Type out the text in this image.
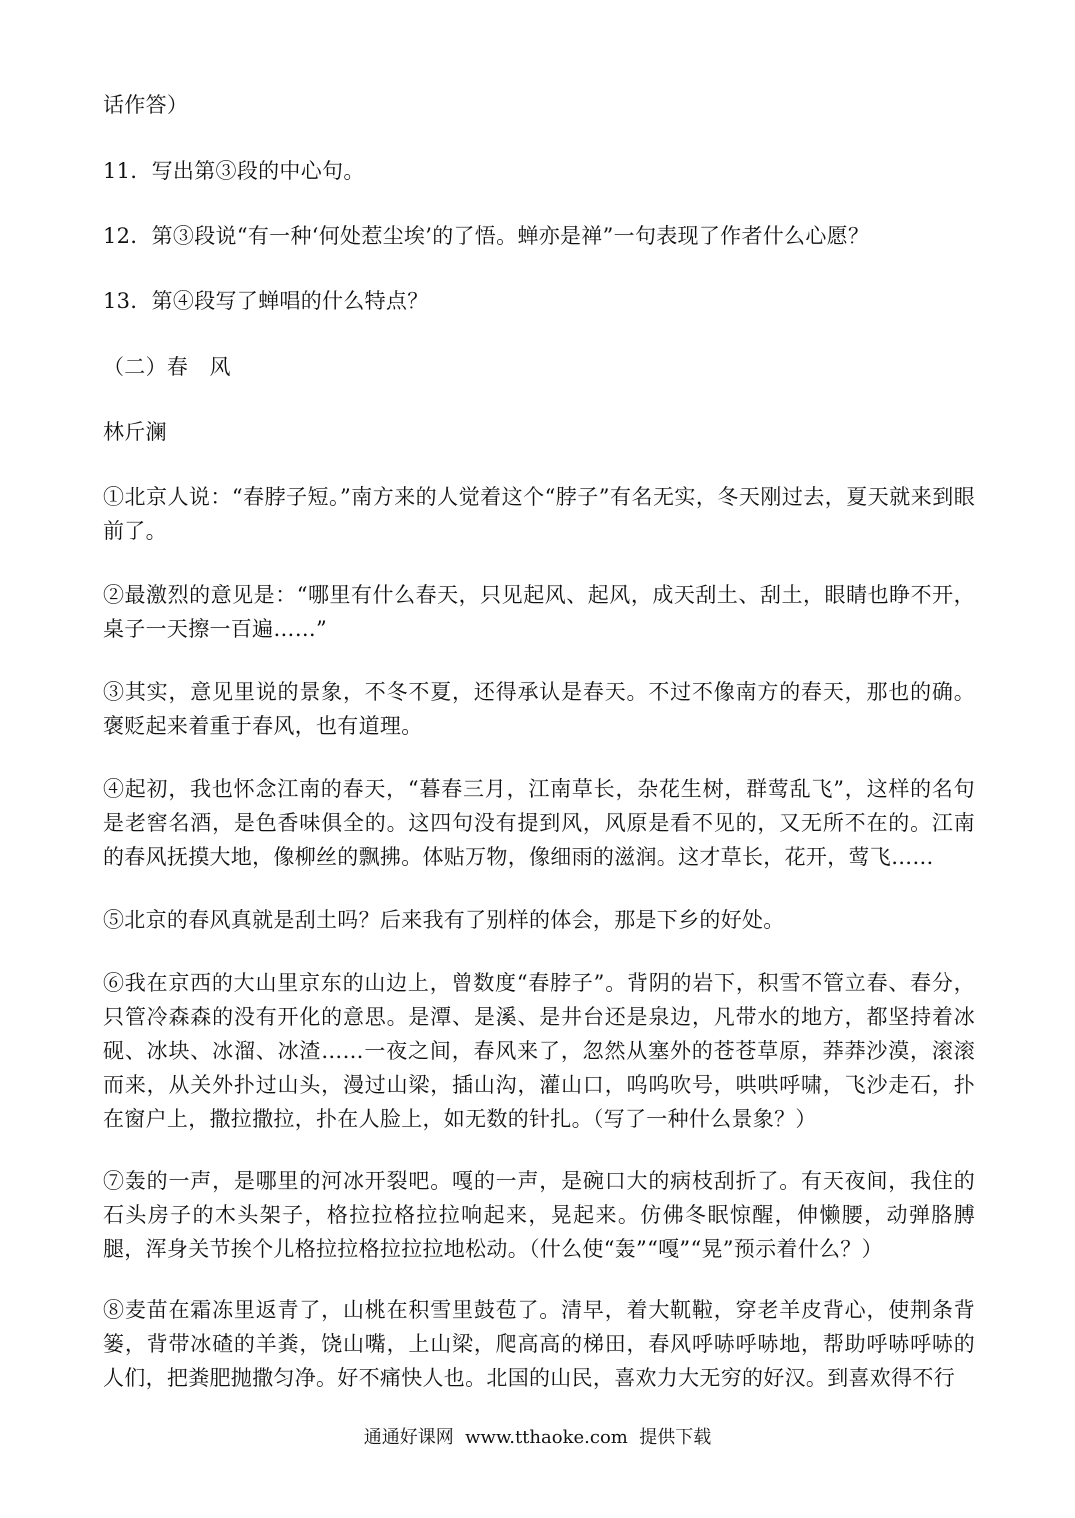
话作答）
11．写出第③段的中心句。
12．第③段说“有一种‘何处惹尘埃’的了悟。蝉亦是禅”一句表现了作者什么心愿？
13．第④段写了蝉唱的什么特点？
（二）春　风
林斤澜
①北京人说：“春脖子短。”南方来的人觉着这个“脖子”有名无实，冬天刚过去，夏天就来到眼前了。
②最激烈的意见是：“哪里有什么春天，只见起风、起风，成天刮土、刮土，眼睛也睁不开，桌子一天擦一百遍……”
③其实，意见里说的景象，不冬不夏，还得承认是春天。不过不像南方的春天，那也的确。褒贬起来着重于春风，也有道理。
④起初，我也怀念江南的春天，“暮春三月，江南草长，杂花生树，群莺乱飞”，这样的名句是老窖名酒，是色香味俱全的。这四句没有提到风，风原是看不见的，又无所不在的。江南的春风抚摸大地，像柳丝的飘拂。体贴万物，像细雨的滋润。这才草长，花开，莺飞……
⑤北京的春风真就是刮土吗？后来我有了别样的体会，那是下乡的好处。
⑥我在京西的大山里京东的山边上，曾数度“春脖子”。背阴的岩下，积雪不管立春、春分，只管冷森森的没有开化的意思。是潭、是溪、是井台还是泉边，凡带水的地方，都坚持着冰砚、冰块、冰溜、冰渣……一夜之间，春风来了，忽然从塞外的苍苍草原，莽莽沙漠，滚滚而来，从关外扑过山头，漫过山梁，插山沟，灌山口，呜呜吹号，哄哄呼啸，飞沙走石，扑在窗户上，撒拉撒拉，扑在人脸上，如无数的针扎。（写了一种什么景象？）
⑦轰的一声，是哪里的河冰开裂吧。嘎的一声，是碗口大的病枝刮折了。有天夜间，我住的石头房子的木头架子，格拉拉格拉拉响起来，晃起来。仿佛冬眠惊醒，伸懒腰，动弹胳膊腿，浑身关节挨个儿格拉拉格拉拉拉地松动。（什么使“轰”“嘎”“晃”预示着什么？）
⑧麦苗在霜冻里返青了，山桃在积雪里鼓苞了。清早，着大靰鞡，穿老羊皮背心，使荆条背篓，背带冰碴的羊粪，饶山嘴，上山梁，爬高高的梯田，春风呼哧呼哧地，帮助呼哧呼哧的人们，把粪肥抛撒匀净。好不痛快人也。北国的山民，喜欢力大无穷的好汉。到喜欢得不行
通通好课网  www.tthaoke.com  提供下载
